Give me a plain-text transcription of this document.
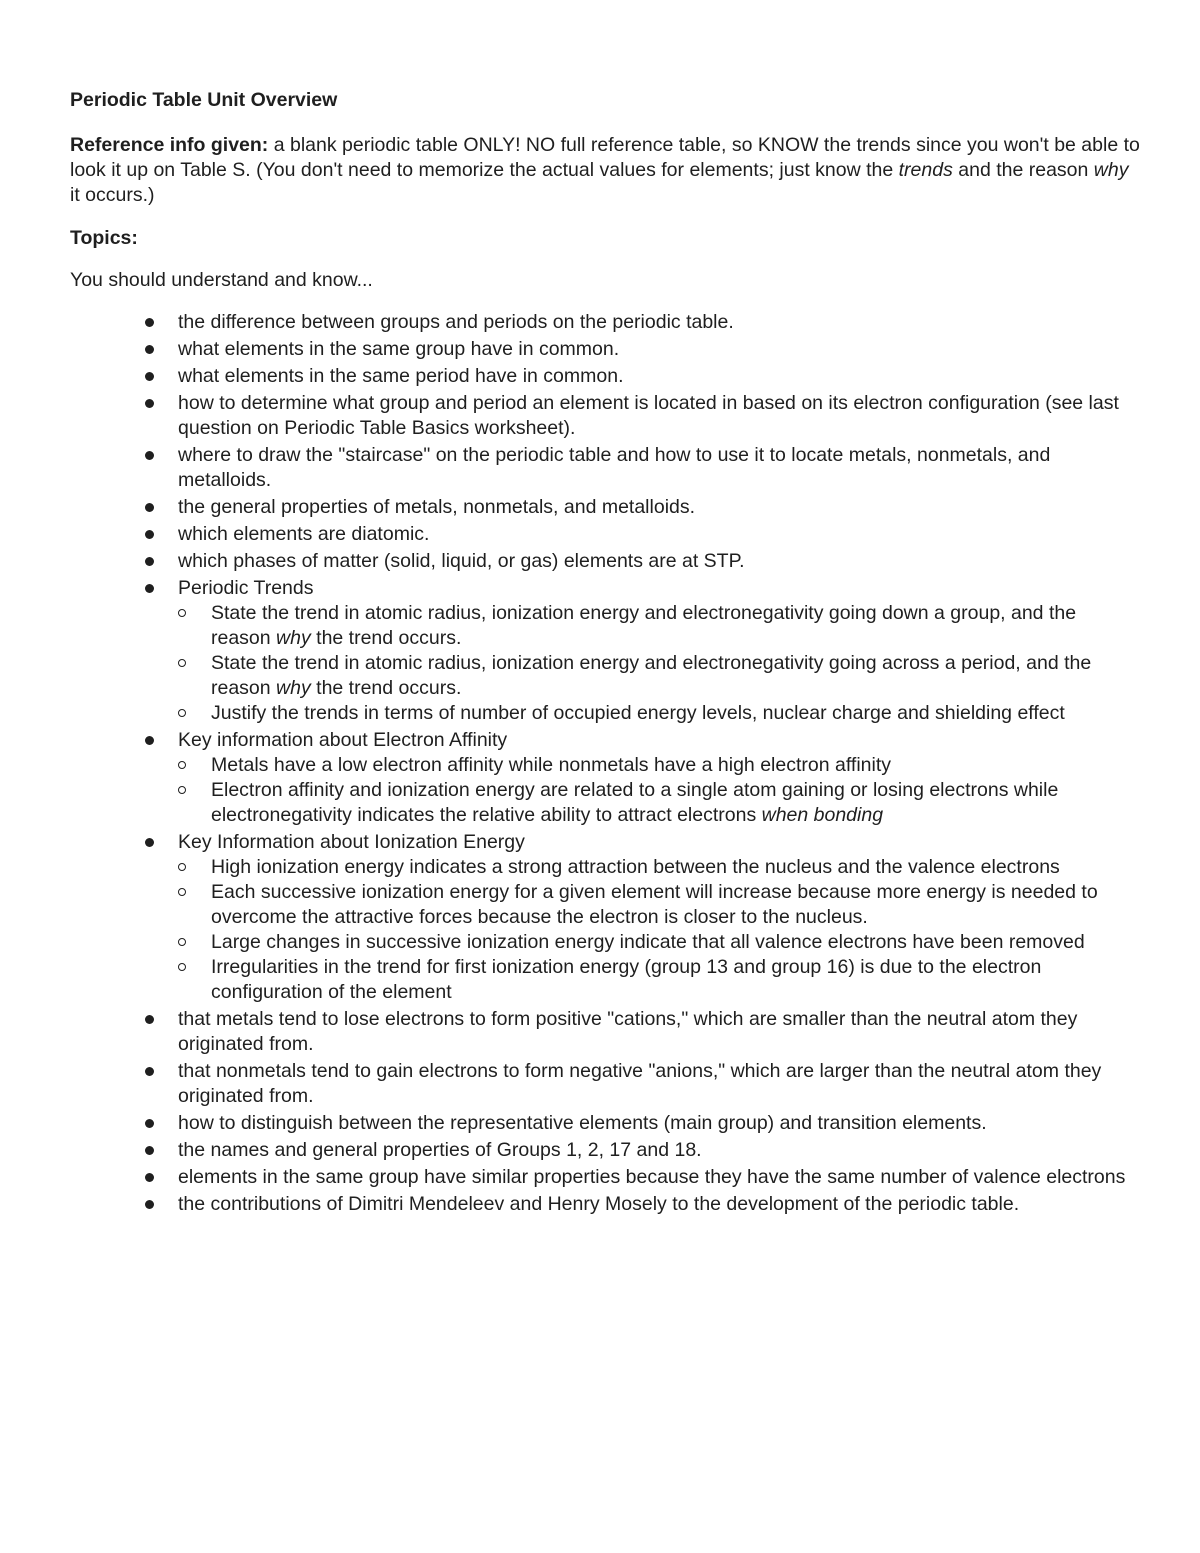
Periodic Table Unit Overview
Reference info given: a blank periodic table ONLY! NO full reference table, so KNOW the trends since you won't be able to look it up on Table S. (You don't need to memorize the actual values for elements; just know the trends and the reason why it occurs.)
Topics:
You should understand and know...
the difference between groups and periods on the periodic table.
what elements in the same group have in common.
what elements in the same period have in common.
how to determine what group and period an element is located in based on its electron configuration (see last question on Periodic Table Basics worksheet).
where to draw the "staircase" on the periodic table and how to use it to locate metals, nonmetals, and metalloids.
the general properties of metals, nonmetals, and metalloids.
which elements are diatomic.
which phases of matter (solid, liquid, or gas) elements are at STP.
Periodic Trends
State the trend in atomic radius, ionization energy and electronegativity going down a group, and the reason why the trend occurs.
State the trend in atomic radius, ionization energy and electronegativity going across a period, and the reason why the trend occurs.
Justify the trends in terms of number of occupied energy levels, nuclear charge and shielding effect
Key information about Electron Affinity
Metals have a low electron affinity while nonmetals have a high electron affinity
Electron affinity and ionization energy are related to a single atom gaining or losing electrons while electronegativity indicates the relative ability to attract electrons when bonding
Key Information about Ionization Energy
High ionization energy indicates a strong attraction between the nucleus and the valence electrons
Each successive ionization energy for a given element will increase because more energy is needed to overcome the attractive forces because the electron is closer to the nucleus.
Large changes in successive ionization energy indicate that all valence electrons have been removed
Irregularities in the trend for first ionization energy (group 13 and group 16) is due to the electron configuration of the element
that metals tend to lose electrons to form positive "cations," which are smaller than the neutral atom they originated from.
that nonmetals tend to gain electrons to form negative "anions," which are larger than the neutral atom they originated from.
how to distinguish between the representative elements (main group) and transition elements.
the names and general properties of Groups 1, 2, 17 and 18.
elements in the same group have similar properties because they have the same number of valence electrons
the contributions of Dimitri Mendeleev and Henry Mosely to the development of the periodic table.
